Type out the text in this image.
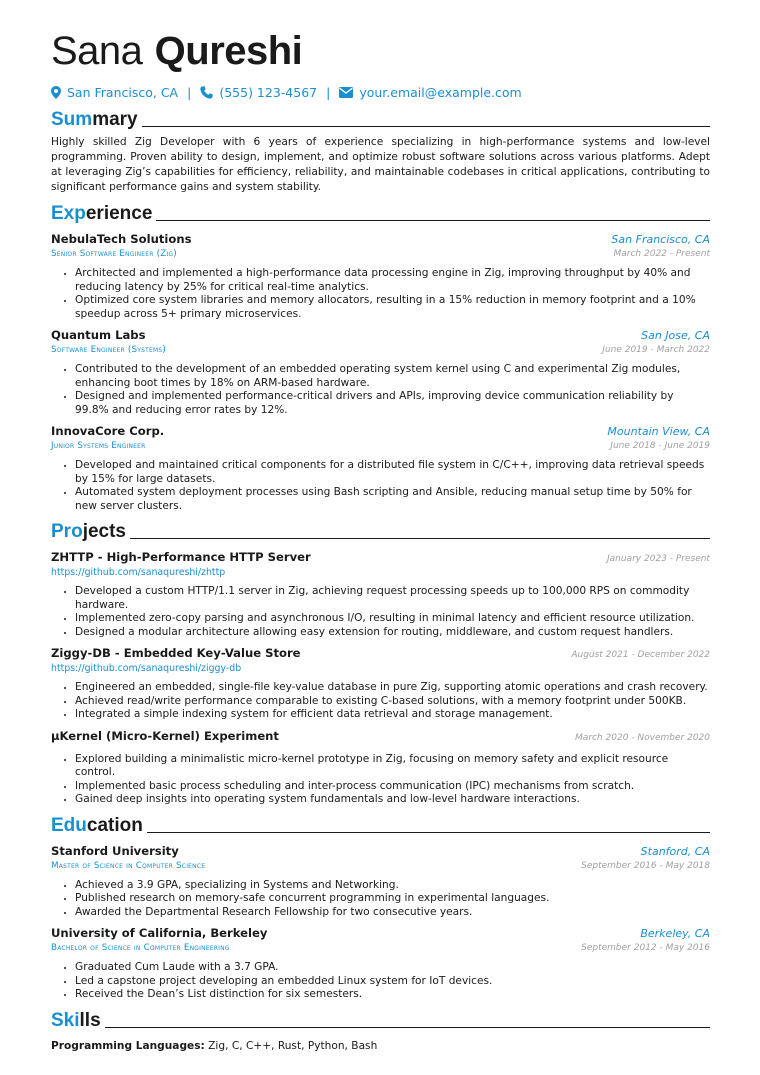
Sana Qureshi
San Francisco, CA | (555) 123-4567 | your.email@example.com
Summary
Highly skilled Zig Developer with 6 years of experience specializing in high-performance systems and low-level programming. Proven ability to design, implement, and optimize robust software solutions across various platforms. Adept at leveraging Zig’s capabilities for efficiency, reliability, and maintainable codebases in critical applications, contributing to significant performance gains and system stability.
Experience
NebulaTech Solutions	San Francisco, CA
Senior Software Engineer (Zig)	March 2022 - Present
• Architected and implemented a high-performance data processing engine in Zig, improving throughput by 40% and reducing latency by 25% for critical real-time analytics.
• Optimized core system libraries and memory allocators, resulting in a 15% reduction in memory footprint and a 10% speedup across 5+ primary microservices.
Quantum Labs	San Jose, CA
Software Engineer (Systems)	June 2019 - March 2022
• Contributed to the development of an embedded operating system kernel using C and experimental Zig modules, enhancing boot times by 18% on ARM-based hardware.
• Designed and implemented performance-critical drivers and APIs, improving device communication reliability by 99.8% and reducing error rates by 12%.
InnovaCore Corp.	Mountain View, CA
Junior Systems Engineer	June 2018 - June 2019
• Developed and maintained critical components for a distributed file system in C/C++, improving data retrieval speeds by 15% for large datasets.
• Automated system deployment processes using Bash scripting and Ansible, reducing manual setup time by 50% for new server clusters.
Projects
ZHTTP - High-Performance HTTP Server	January 2023 - Present
https://github.com/sanaqureshi/zhttp
• Developed a custom HTTP/1.1 server in Zig, achieving request processing speeds up to 100,000 RPS on commodity hardware.
• Implemented zero-copy parsing and asynchronous I/O, resulting in minimal latency and efficient resource utilization.
• Designed a modular architecture allowing easy extension for routing, middleware, and custom request handlers.
Ziggy-DB - Embedded Key-Value Store	August 2021 - December 2022
https://github.com/sanaqureshi/ziggy-db
• Engineered an embedded, single-file key-value database in pure Zig, supporting atomic operations and crash recovery.
• Achieved read/write performance comparable to existing C-based solutions, with a memory footprint under 500KB.
• Integrated a simple indexing system for efficient data retrieval and storage management.
µKernel (Micro-Kernel) Experiment	March 2020 - November 2020
• Explored building a minimalistic micro-kernel prototype in Zig, focusing on memory safety and explicit resource control.
• Implemented basic process scheduling and inter-process communication (IPC) mechanisms from scratch.
• Gained deep insights into operating system fundamentals and low-level hardware interactions.
Education
Stanford University	Stanford, CA
Master of Science in Computer Science	September 2016 - May 2018
• Achieved a 3.9 GPA, specializing in Systems and Networking.
• Published research on memory-safe concurrent programming in experimental languages.
• Awarded the Departmental Research Fellowship for two consecutive years.
University of California, Berkeley	Berkeley, CA
Bachelor of Science in Computer Engineering	September 2012 - May 2016
• Graduated Cum Laude with a 3.7 GPA.
• Led a capstone project developing an embedded Linux system for IoT devices.
• Received the Dean’s List distinction for six semesters.
Skills
Programming Languages: Zig, C, C++, Rust, Python, Bash
